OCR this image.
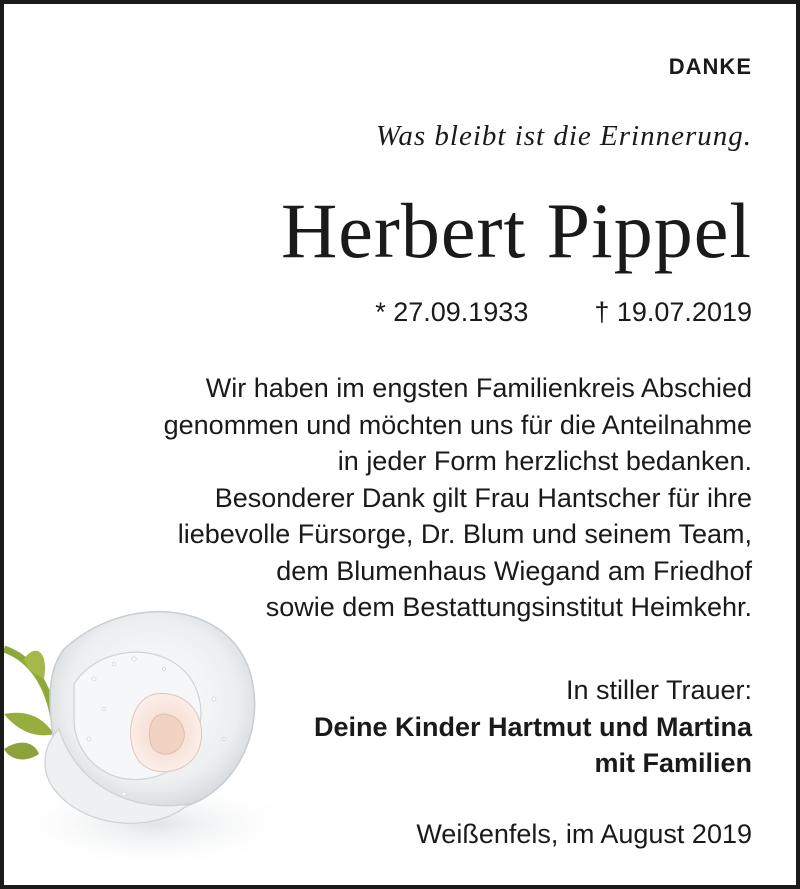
DANKE
Was bleibt ist die Erinnerung.
Herbert Pippel
* 27.09.1933 † 19.07.2019
Wir haben im engsten Familienkreis Abschied
genommen und möchten uns für die Anteilnahme
in jeder Form herzlichst bedanken.
Besonderer Dank gilt Frau Hantscher für ihre
liebevolle Fürsorge, Dr. Blum und seinem Team,
dem Blumenhaus Wiegand am Friedhof
sowie dem Bestattungsinstitut Heimkehr.
In stiller Trauer:
Deine Kinder Hartmut und Martina
mit Familien
Weißenfels, im August 2019
